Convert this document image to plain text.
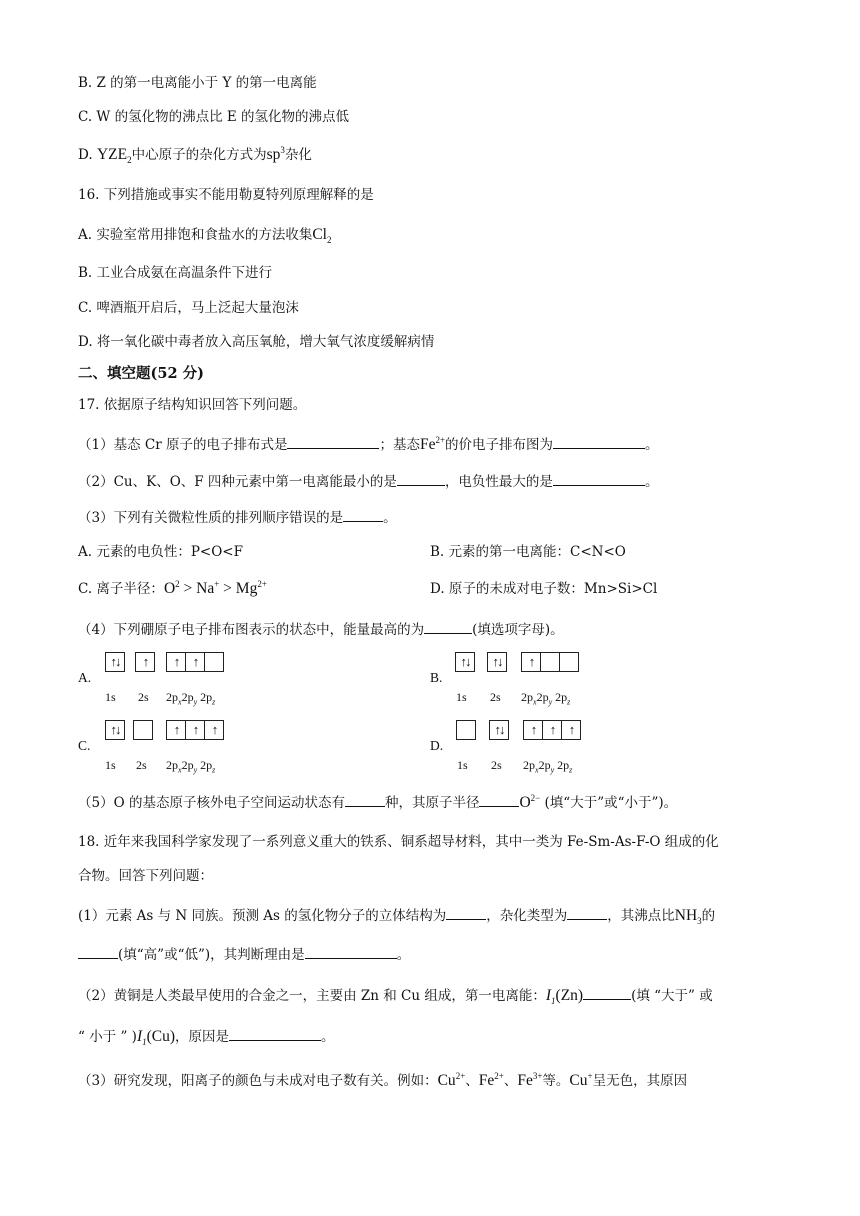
B. Z 的第一电离能小于 Y 的第一电离能
C. W 的氢化物的沸点比 E 的氢化物的沸点低
D. $YZE_2$中心原子的杂化方式为$sp^3$杂化
16. 下列措施或事实不能用勒夏特列原理解释的是
A. 实验室常用排饱和食盐水的方法收集$Cl_2$
B. 工业合成氨在高温条件下进行
C. 啤酒瓶开启后，马上泛起大量泡沫
D. 将一氧化碳中毒者放入高压氧舱，增大氧气浓度缓解病情
二、填空题(52 分)
17. 依据原子结构知识回答下列问题。
（1）基态 Cr 原子的电子排布式是	；基态$Fe^{2+}$的价电子排布图为	。
（2）Cu、K、O、F 四种元素中第一电离能最小的是	，电负性最大的是	。
（3）下列有关微粒性质的排列顺序错误的是	。
A. 元素的电负性：P<O<F	B. 元素的第一电离能：C<N<O
C. 离子半径：$O^2 > Na^+ > Mg^{2+}$	D. 原子的未成对电子数：Mn>Si>Cl
（4）下列硼原子电子排布图表示的状态中，能量最高的为	(填选项字母)。
A.
↑↓	↑	↑	↑
1s 2s $2p_x2p_y$ $2p_z$
B.
↑↓	↑↓	↑
1s 2s $2p_x2p_y$ $2p_z$
C.
↑↓	↑	↑	↑
1s 2s $2p_x2p_y$ $2p_z$
D.
↑↓	↑	↑	↑
1s 2s $2p_x2p_y$ $2p_z$
（5）O 的基态原子核外电子空间运动状态有	种，其原子半径	$O^{2-}$ (填“大于”或“小于”)。
18. 近年来我国科学家发现了一系列意义重大的铁系、铜系超导材料，其中一类为 Fe-Sm-As-F-O 组成的化
合物。回答下列问题：
(1）元素 As 与 N 同族。预测 As 的氢化物分子的立体结构为	，杂化类型为	，其沸点比$NH_3$的
(填“高”或“低”)，其判断理由是	。
（2）黄铜是人类最早使用的合金之一，主要由 Zn 和 Cu 组成，第一电离能：$I_1(Zn)$	(填 “大于” 或
“ 小于 ” )$I_1(Cu)$，原因是	。
（3）研究发现，阳离子的颜色与未成对电子数有关。例如：$Cu^{2+}$、$Fe^{2+}$、$Fe^{3+}$等。Cu+呈无色，其原因
